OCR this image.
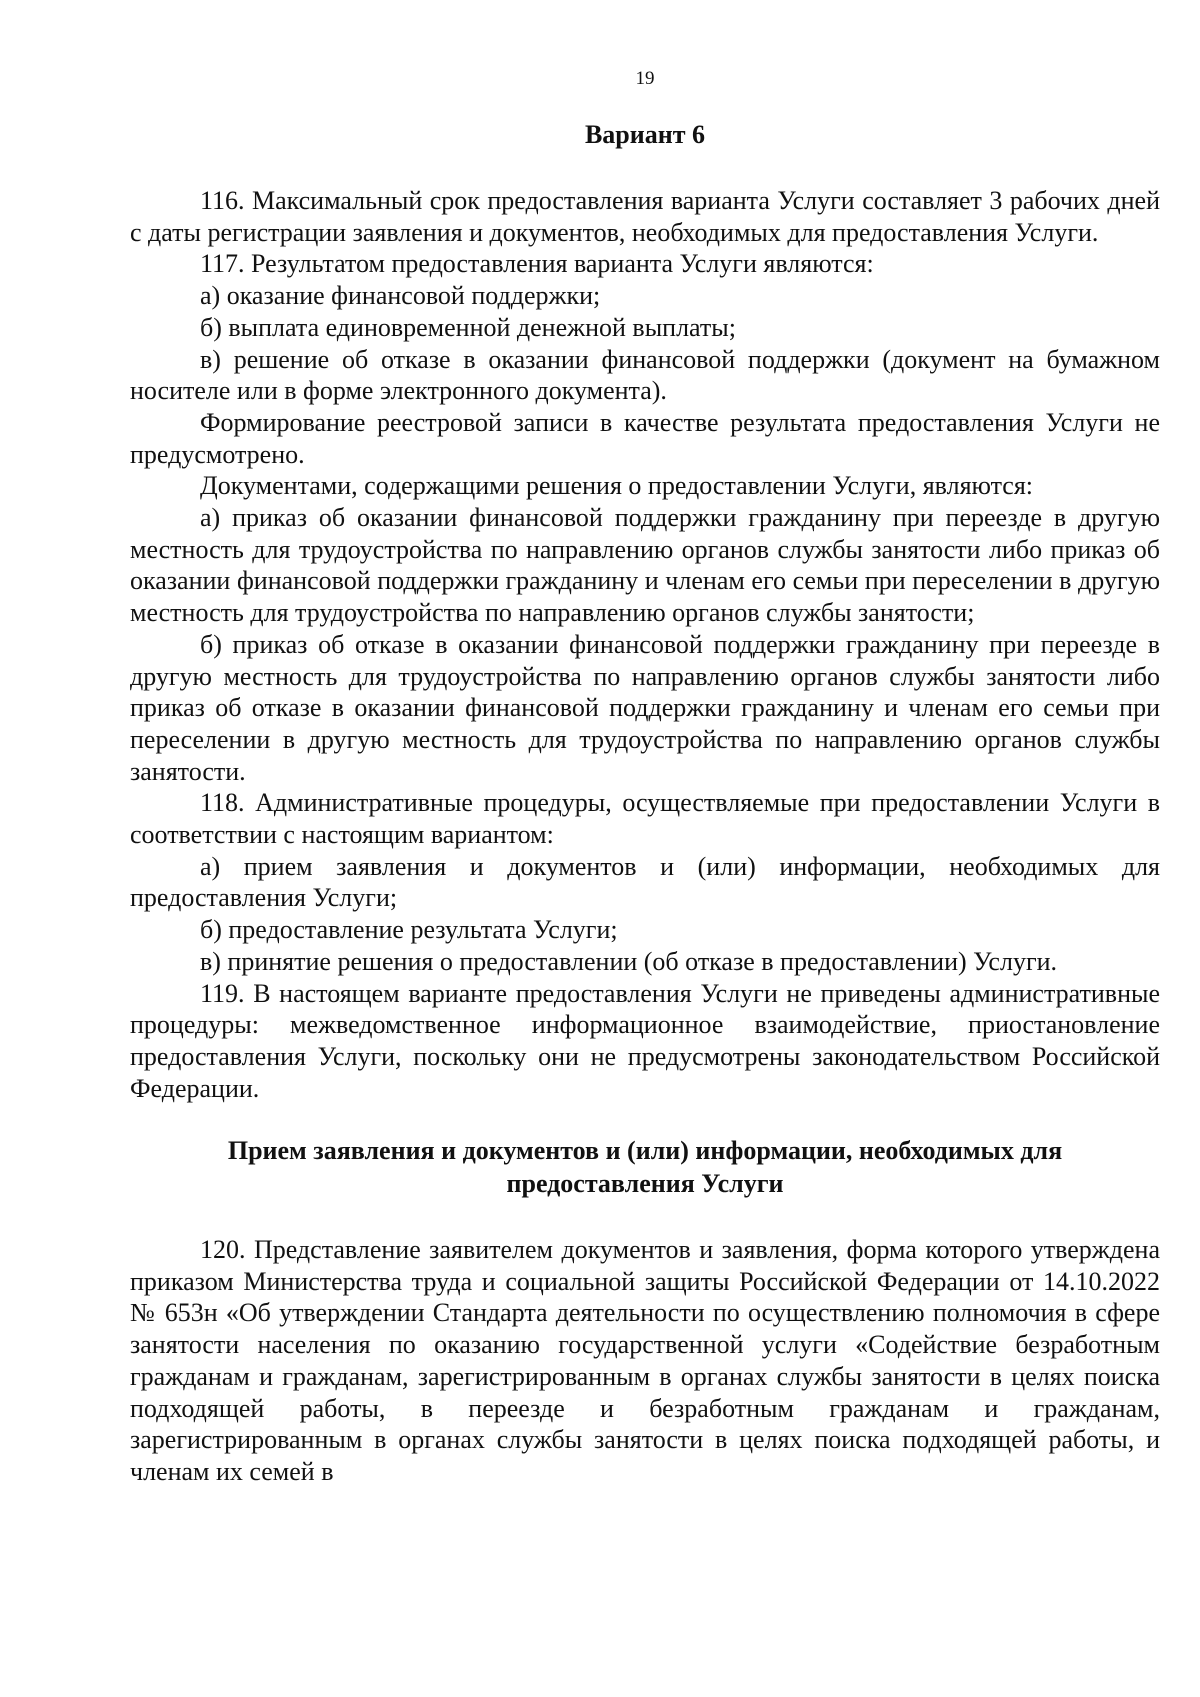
19
Вариант 6

116. Максимальный срок предоставления варианта Услуги составляет 3 рабочих дней с даты регистрации заявления и документов, необходимых для предоставления Услуги.

117. Результатом предоставления варианта Услуги являются:

а) оказание финансовой поддержки;

б) выплата единовременной денежной выплаты;

в) решение об отказе в оказании финансовой поддержки (документ на бумажном носителе или в форме электронного документа).

Формирование реестровой записи в качестве результата предоставления Услуги не предусмотрено.

Документами, содержащими решения о предоставлении Услуги, являются:

а) приказ об оказании финансовой поддержки гражданину при переезде в другую местность для трудоустройства по направлению органов службы занятости либо приказ об оказании финансовой поддержки гражданину и членам его семьи при переселении в другую местность для трудоустройства по направлению органов службы занятости;

б) приказ об отказе в оказании финансовой поддержки гражданину при переезде в другую местность для трудоустройства по направлению органов службы занятости либо приказ об отказе в оказании финансовой поддержки гражданину и членам его семьи при переселении в другую местность для трудоустройства по направлению органов службы занятости.

118. Административные процедуры, осуществляемые при предоставлении Услуги в соответствии с настоящим вариантом:

а) прием заявления и документов и (или) информации, необходимых для предоставления Услуги;

б) предоставление результата Услуги;

в) принятие решения о предоставлении (об отказе в предоставлении) Услуги.

119. В настоящем варианте предоставления Услуги не приведены административные процедуры: межведомственное информационное взаимодействие, приостановление предоставления Услуги, поскольку они не предусмотрены законодательством Российской Федерации.

Прием заявления и документов и (или) информации, необходимых для
предоставления Услуги

120. Представление заявителем документов и заявления, форма которого утверждена приказом Министерства труда и социальной защиты Российской Федерации от 14.10.2022 № 653н «Об утверждении Стандарта деятельности по осуществлению полномочия в сфере занятости населения по оказанию государственной услуги «Содействие безработным гражданам и гражданам, зарегистрированным в органах службы занятости в целях поиска подходящей работы, в переезде и безработным гражданам и гражданам, зарегистрированным в органах службы занятости в целях поиска подходящей работы, и членам их семей в
